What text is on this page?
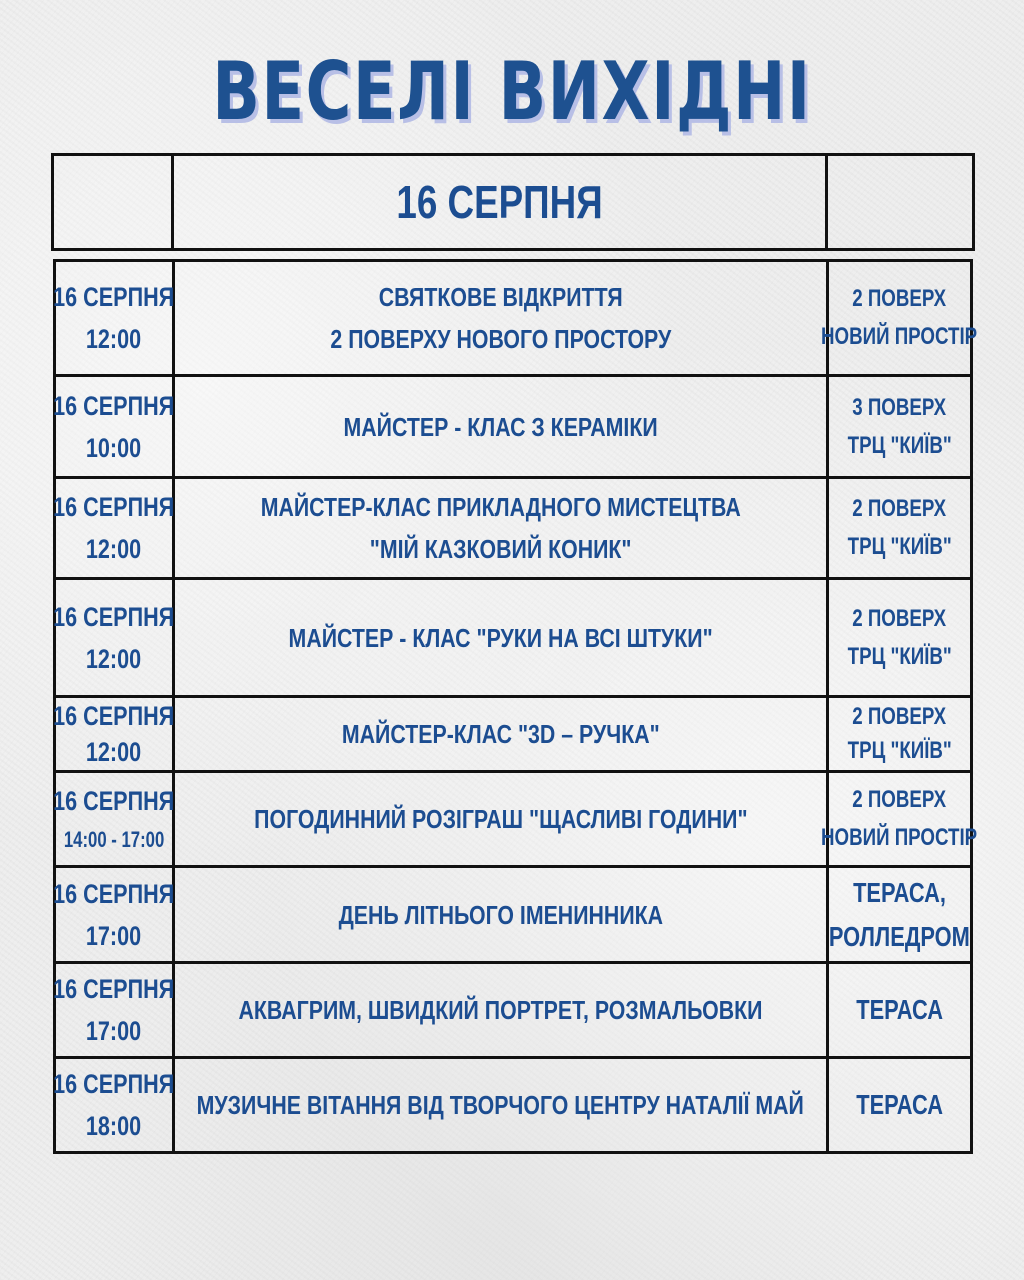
ВЕСЕЛІ ВИХІДНІ
16 СЕРПНЯ
16 СЕРПНЯ
12:00
СВЯТКОВЕ ВІДКРИТТЯ
2 ПОВЕРХУ НОВОГО ПРОСТОРУ
2 ПОВЕРХ
НОВИЙ ПРОСТІР
16 СЕРПНЯ
10:00
МАЙСТЕР - КЛАС З КЕРАМІКИ
3 ПОВЕРХ
ТРЦ "КИЇВ"
16 СЕРПНЯ
12:00
МАЙСТЕР-КЛАС ПРИКЛАДНОГО МИСТЕЦТВА
"МІЙ КАЗКОВИЙ КОНИК"
2 ПОВЕРХ
ТРЦ "КИЇВ"
16 СЕРПНЯ
12:00
МАЙСТЕР - КЛАС "РУКИ НА ВСІ ШТУКИ"
2 ПОВЕРХ
ТРЦ "КИЇВ"
16 СЕРПНЯ
12:00
МАЙСТЕР-КЛАС "3D – РУЧКА"
2 ПОВЕРХ
ТРЦ "КИЇВ"
16 СЕРПНЯ
14:00 - 17:00
ПОГОДИННИЙ РОЗІГРАШ "ЩАСЛИВІ ГОДИНИ"
2 ПОВЕРХ
НОВИЙ ПРОСТІР
16 СЕРПНЯ
17:00
ДЕНЬ ЛІТНЬОГО ІМЕНИННИКА
ТЕРАСА,
РОЛЛЕДРОМ
16 СЕРПНЯ
17:00
АКВАГРИМ, ШВИДКИЙ ПОРТРЕТ, РОЗМАЛЬОВКИ	ТЕРАСА
16 СЕРПНЯ
18:00
МУЗИЧНЕ ВІТАННЯ ВІД ТВОРЧОГО ЦЕНТРУ НАТАЛІЇ МАЙ ТЕРАСА
